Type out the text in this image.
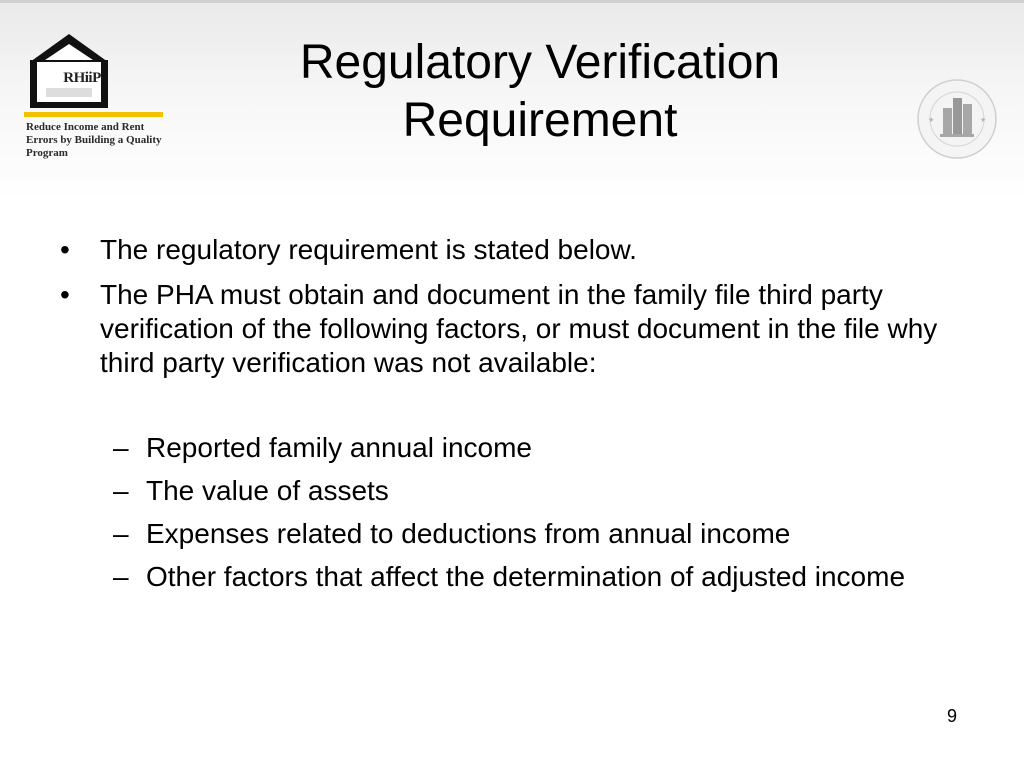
RHiiP
Reduce Income and Rent
Errors by Building a Quality
Program
Regulatory Verification
Requirement	★	★
• The regulatory requirement is stated below.
• The PHA must obtain and document in the family file third party verification of the following factors, or must document in the file why third party verification was not available:
– Reported family annual income
– The value of assets
– Expenses related to deductions from annual income
– Other factors that affect the determination of adjusted income
9
